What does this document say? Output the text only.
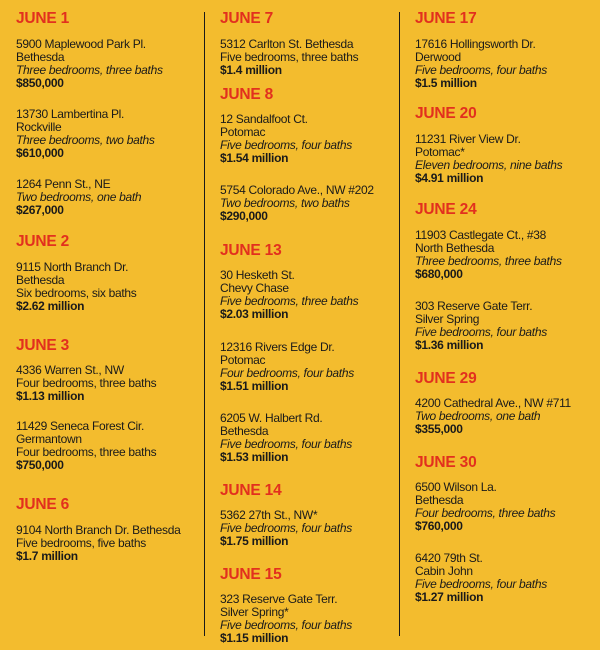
JUNE 1
5900 Maplewood Park Pl.
Bethesda
Three bedrooms, three baths
$850,000
13730 Lambertina Pl.
Rockville
Three bedrooms, two baths
$610,000
1264 Penn St., NE
Two bedrooms, one bath
$267,000
JUNE 2
9115 North Branch Dr.
Bethesda
Six bedrooms, six baths
$2.62 million
JUNE 3
4336 Warren St., NW
Four bedrooms, three baths
$1.13 million
11429 Seneca Forest Cir.
Germantown
Four bedrooms, three baths
$750,000
JUNE 6
9104 North Branch Dr. Bethesda
Five bedrooms, five baths
$1.7 million
JUNE 7
5312 Carlton St. Bethesda
Five bedrooms, three baths
$1.4 million
JUNE 8
12 Sandalfoot Ct.
Potomac
Five bedrooms, four baths
$1.54 million
5754 Colorado Ave., NW #202
Two bedrooms, two baths
$290,000
JUNE 13
30 Hesketh St.
Chevy Chase
Five bedrooms, three baths
$2.03 million
12316 Rivers Edge Dr.
Potomac
Four bedrooms, four baths
$1.51 million
6205 W. Halbert Rd.
Bethesda
Five bedrooms, four baths
$1.53 million
JUNE 14
5362 27th St., NW*
Five bedrooms, four baths
$1.75 million
JUNE 15
323 Reserve Gate Terr.
Silver Spring*
Five bedrooms, four baths
$1.15 million
JUNE 17
17616 Hollingsworth Dr.
Derwood
Five bedrooms, four baths
$1.5 million
JUNE 20
11231 River View Dr.
Potomac*
Eleven bedrooms, nine baths
$4.91 million
JUNE 24
11903 Castlegate Ct., #38
North Bethesda
Three bedrooms, three baths
$680,000
303 Reserve Gate Terr.
Silver Spring
Five bedrooms, four baths
$1.36 million
JUNE 29
4200 Cathedral Ave., NW #711
Two bedrooms, one bath
$355,000
JUNE 30
6500 Wilson La.
Bethesda
Four bedrooms, three baths
$760,000
6420 79th St.
Cabin John
Five bedrooms, four baths
$1.27 million
